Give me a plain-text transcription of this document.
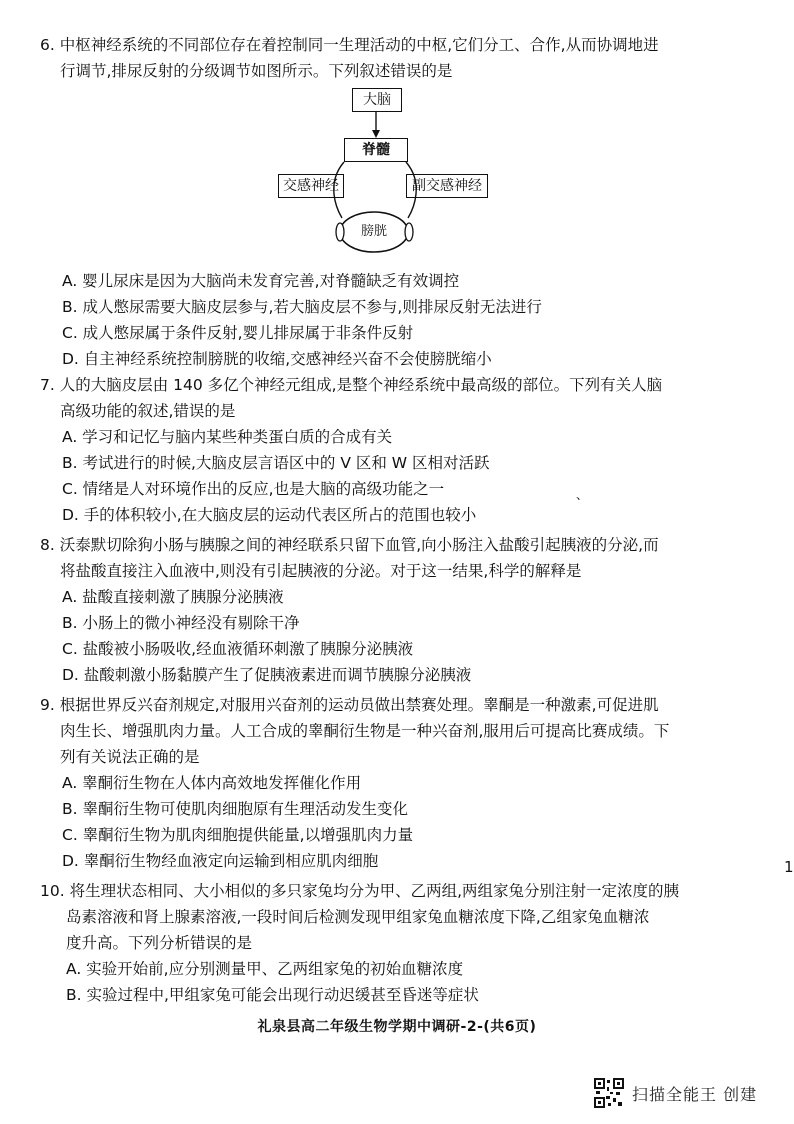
6. 中枢神经系统的不同部位存在着控制同一生理活动的中枢,它们分工、合作,从而协调地进
行调节,排尿反射的分级调节如图所示。下列叙述错误的是
大脑
脊髓
交感神经	副交感神经
膀胱
A. 婴儿尿床是因为大脑尚未发育完善,对脊髓缺乏有效调控
B. 成人憋尿需要大脑皮层参与,若大脑皮层不参与,则排尿反射无法进行
C. 成人憋尿属于条件反射,婴儿排尿属于非条件反射
D. 自主神经系统控制膀胱的收缩,交感神经兴奋不会使膀胱缩小
7. 人的大脑皮层由 140 多亿个神经元组成,是整个神经系统中最高级的部位。下列有关人脑
高级功能的叙述,错误的是
A. 学习和记忆与脑内某些种类蛋白质的合成有关
B. 考试进行的时候,大脑皮层言语区中的 V 区和 W 区相对活跃
C. 情绪是人对环境作出的反应,也是大脑的高级功能之一
D. 手的体积较小,在大脑皮层的运动代表区所占的范围也较小
、
8. 沃泰默切除狗小肠与胰腺之间的神经联系只留下血管,向小肠注入盐酸引起胰液的分泌,而
将盐酸直接注入血液中,则没有引起胰液的分泌。对于这一结果,科学的解释是
A. 盐酸直接刺激了胰腺分泌胰液
B. 小肠上的微小神经没有剔除干净
C. 盐酸被小肠吸收,经血液循环刺激了胰腺分泌胰液
D. 盐酸刺激小肠黏膜产生了促胰液素进而调节胰腺分泌胰液
9. 根据世界反兴奋剂规定,对服用兴奋剂的运动员做出禁赛处理。睾酮是一种激素,可促进肌
肉生长、增强肌肉力量。人工合成的睾酮衍生物是一种兴奋剂,服用后可提高比赛成绩。下
列有关说法正确的是
A. 睾酮衍生物在人体内高效地发挥催化作用
B. 睾酮衍生物可使肌肉细胞原有生理活动发生变化
C. 睾酮衍生物为肌肉细胞提供能量,以增强肌肉力量
D. 睾酮衍生物经血液定向运输到相应肌肉细胞
10. 将生理状态相同、大小相似的多只家兔均分为甲、乙两组,两组家兔分别注射一定浓度的胰
岛素溶液和肾上腺素溶液,一段时间后检测发现甲组家兔血糖浓度下降,乙组家兔血糖浓
度升高。下列分析错误的是
A. 实验开始前,应分别测量甲、乙两组家兔的初始血糖浓度
B. 实验过程中,甲组家兔可能会出现行动迟缓甚至昏迷等症状
1
礼泉县高二年级生物学期中调研-2-(共6页)
扫描全能王 创建
